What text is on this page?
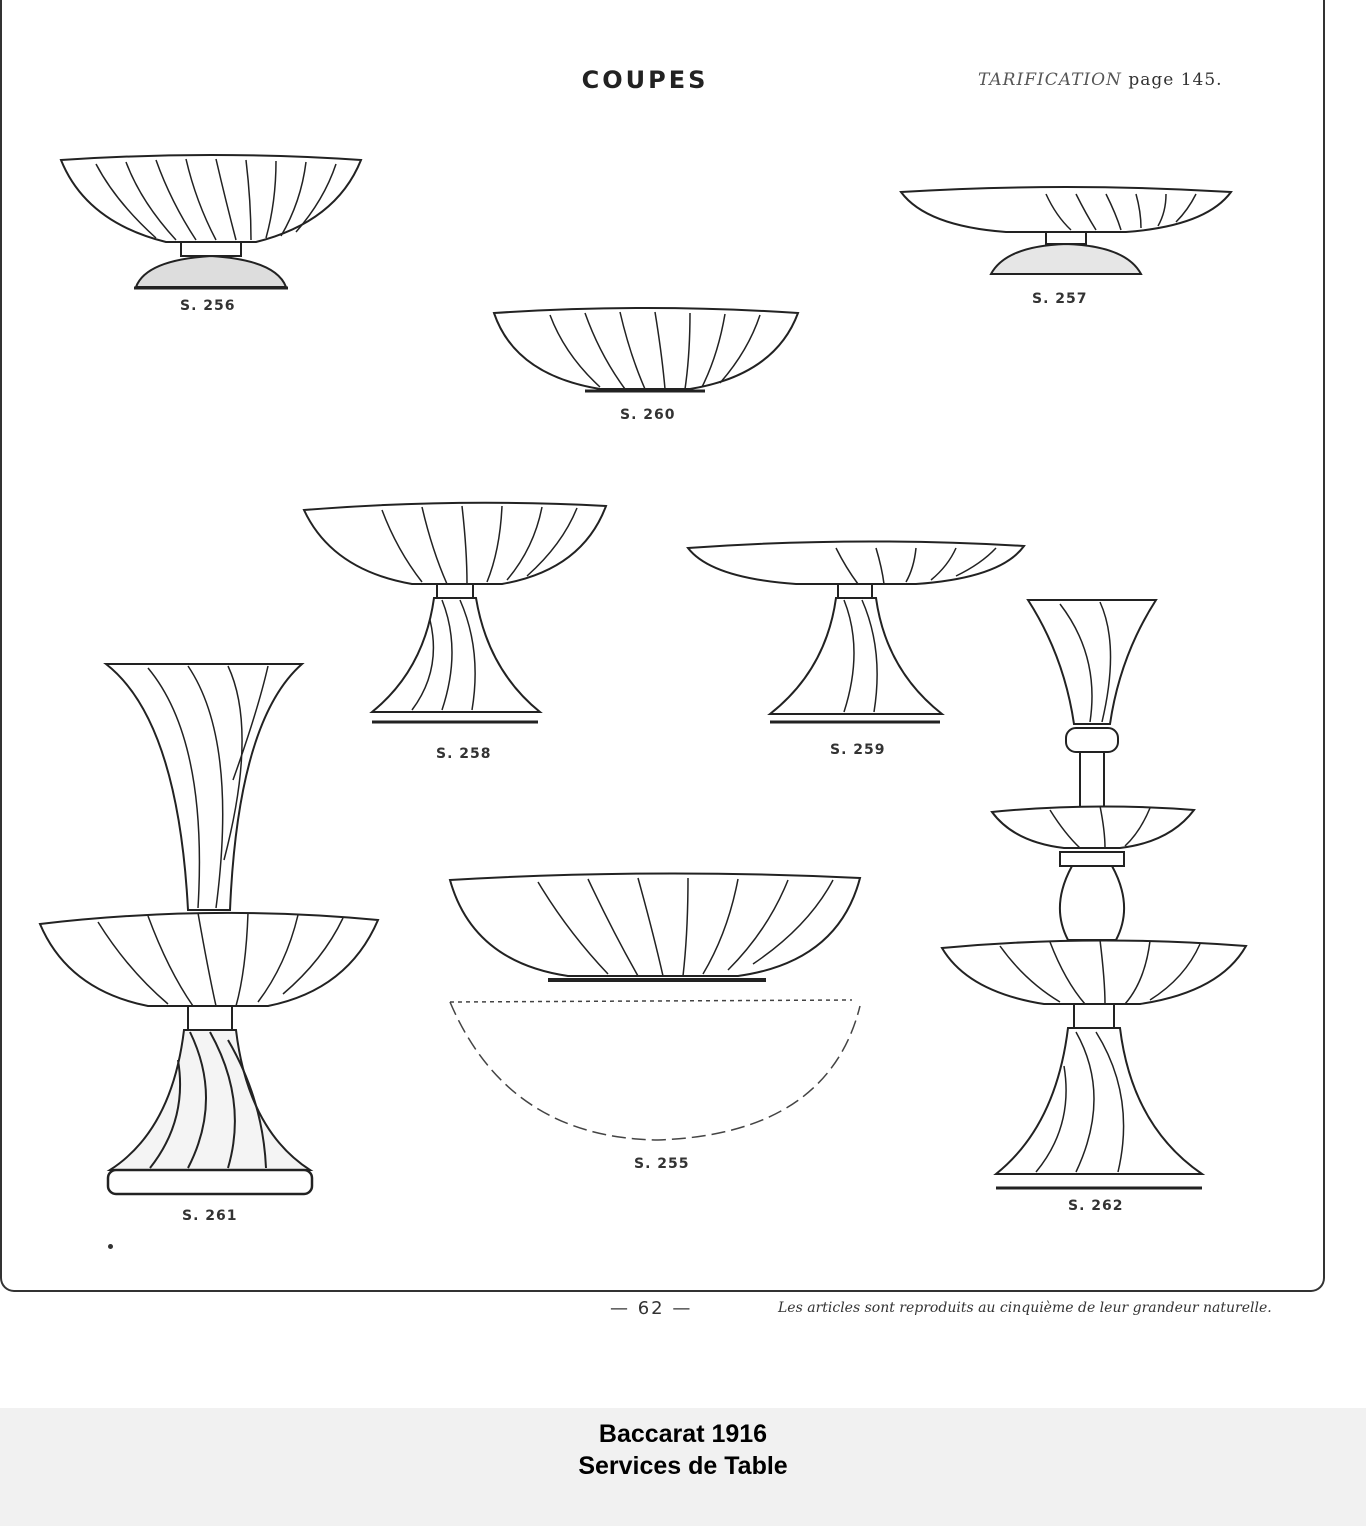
COUPES	TARIFICATION page 145.
S. 256	S. 257
S. 260
S. 258	S. 259
S. 261
S. 255
S. 262
— 62 —	Les articles sont reproduits au cinquième de leur grandeur naturelle.
Baccarat 1916
Services de Table
